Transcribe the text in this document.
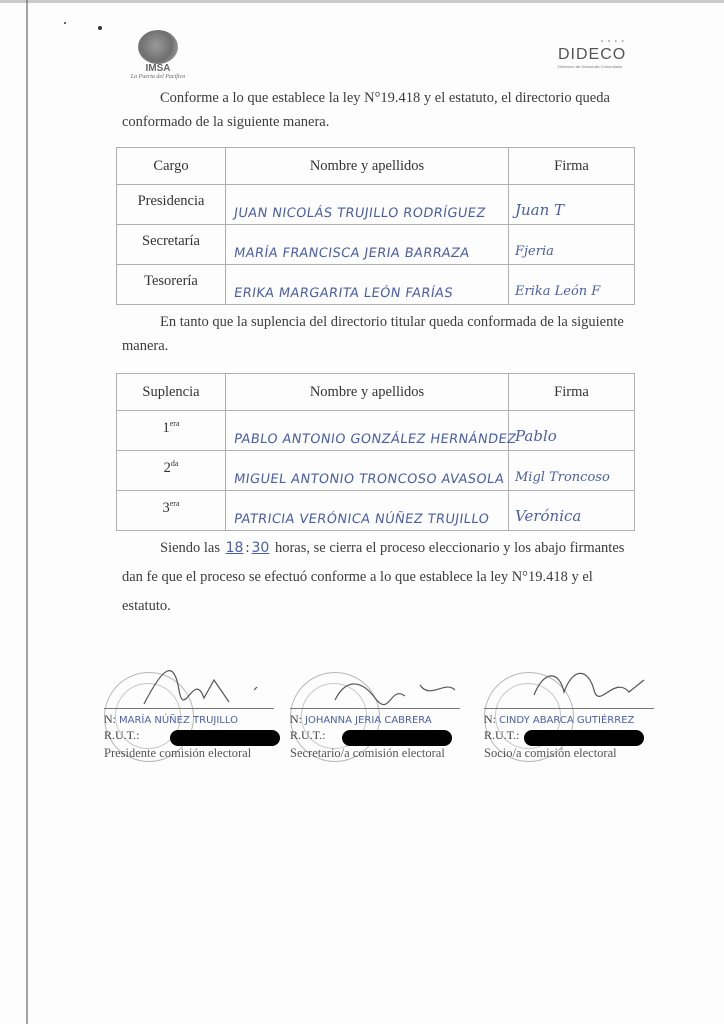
IMSA
La Puerta del Pacífico
• • • •
DIDECO
Dirección de Desarrollo Comunitario
Conforme a lo que establece la ley N°19.418 y el estatuto, el directorio queda conformado de la siguiente manera.
Cargo	Nombre y apellidos	Firma
Presidencia	JUAN NICOLÁS TRUJILLO RODRÍGUEZ	Juan T

Secretaría	MARÍA FRANCISCA JERIA BARRAZA	Fjeria

Tesorería	ERIKA MARGARITA LEÓN FARÍAS	Erika León F
En tanto que la suplencia del directorio titular queda conformada de la siguiente manera.
Suplencia	Nombre y apellidos	Firma
$1^{era}$	PABLO ANTONIO GONZÁLEZ HERNÁNDEZ	Pablo

$2^{da}$	MIGUEL ANTONIO TRONCOSO AVASOLA	Migl Troncoso

$3^{era}$	PATRICIA VERÓNICA NÚÑEZ TRUJILLO	Verónica
Siendo las 18 : 30 horas, se cierra el proceso eleccionario y los abajo firmantes dan fe que el proceso se efectuó conforme a lo que establece la ley N°19.418 y el estatuto.
N: MARÍA NÚÑEZ TRUJILLO
R.U.T.:
Presidente comisión electoral
N: JOHANNA JERIA CABRERA
R.U.T.:
Secretario/a comisión electoral
N: CINDY ABARCA GUTIÉRREZ
R.U.T.:
Socio/a comisión electoral
